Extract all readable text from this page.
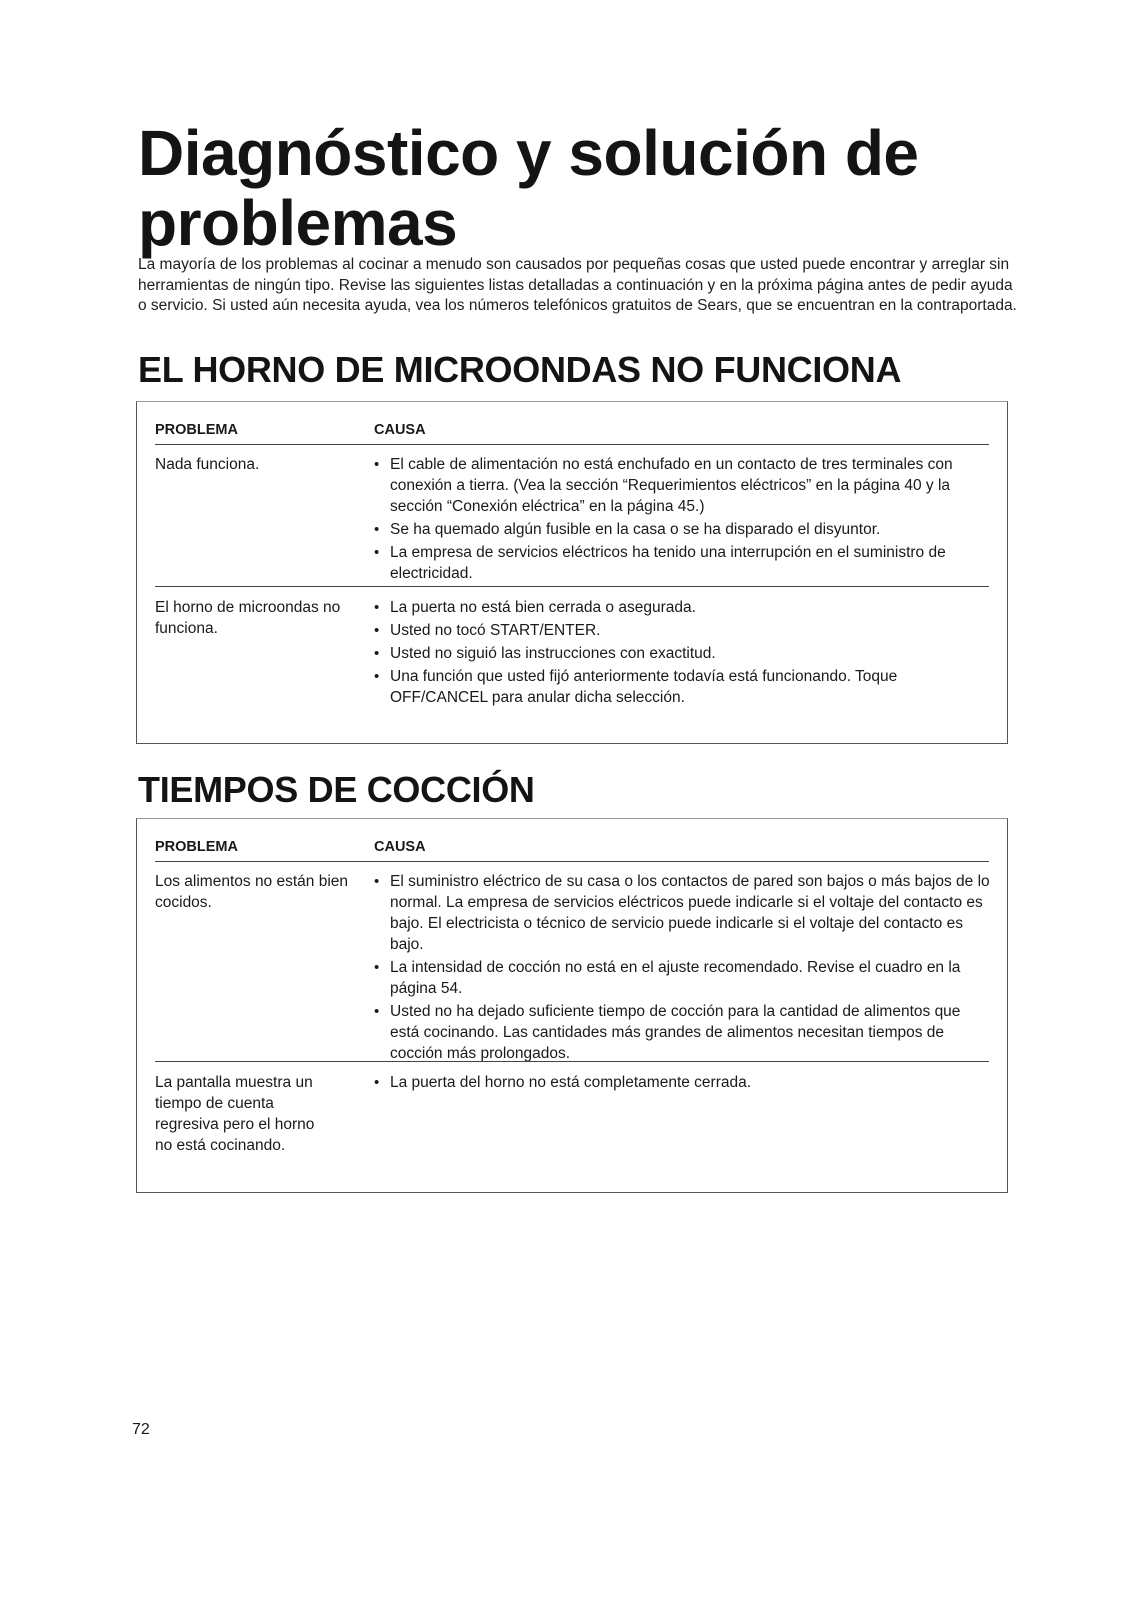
Diagnóstico y solución de
problemas

La mayoría de los problemas al cocinar a menudo son causados por pequeñas cosas que usted puede encontrar y arreglar sin herramientas de ningún tipo. Revise las siguientes listas detalladas a continuación y en la próxima página antes de pedir ayuda o servicio. Si usted aún necesita ayuda, vea los números telefónicos gratuitos de Sears, que se encuentran en la contraportada.

EL HORNO DE MICROONDAS NO FUNCIONA
PROBLEMA	CAUSA
Nada funciona.
•	El cable de alimentación no está enchufado en un contacto de tres terminales con conexión a tierra. (Vea la sección “Requerimientos eléctricos” en la página 40 y la sección “Conexión eléctrica” en la página 45.)
• Se ha quemado algún fusible en la casa o se ha disparado el disyuntor.
• La empresa de servicios eléctricos ha tenido una interrupción en el suministro de electricidad.
El horno de microondas no funciona.
• La puerta no está bien cerrada o asegurada.
• Usted no tocó START/ENTER.
• Usted no siguió las instrucciones con exactitud.
• Una función que usted fijó anteriormente todavía está funcionando. Toque OFF/CANCEL para anular dicha selección.
TIEMPOS DE COCCIÓN
PROBLEMA	CAUSA
Los alimentos no están bien cocidos.
• El suministro eléctrico de su casa o los contactos de pared son bajos o más bajos de lo normal. La empresa de servicios eléctricos puede indicarle si el voltaje del contacto es bajo. El electricista o técnico de servicio puede indicarle si el voltaje del contacto es bajo.
• La intensidad de cocción no está en el ajuste recomendado. Revise el cuadro en la página 54.
• Usted no ha dejado suficiente tiempo de cocción para la cantidad de alimentos que está cocinando. Las cantidades más grandes de alimentos necesitan tiempos de cocción más prolongados.
La pantalla muestra un tiempo de cuenta regresiva pero el horno no está cocinando.
• La puerta del horno no está completamente cerrada.
72
